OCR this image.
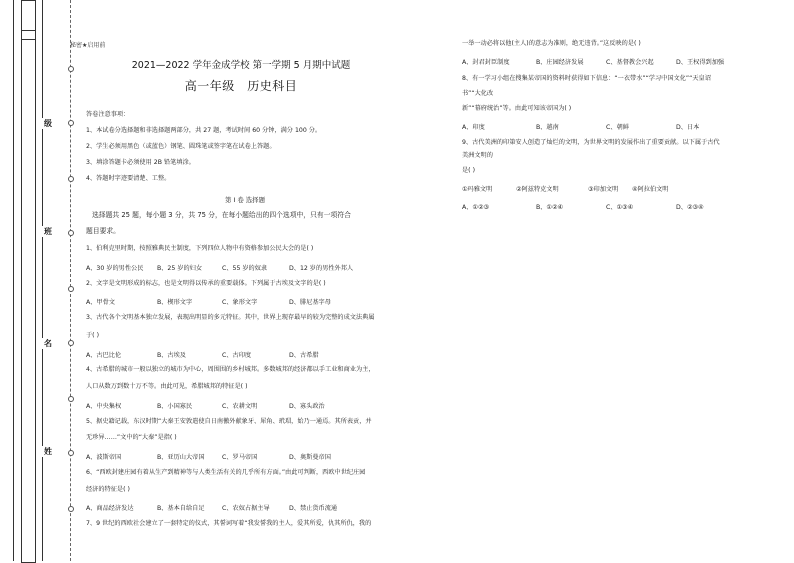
级
班
名
姓
秘密★启用前
2021—2022 学年金成学校 第一学期 5 月期中试题
高一年级　历史科目
答卷注意事项：
1、本试卷分选择题和非选择题两部分，共 27 题，考试时间 60 分钟，满分 100 分。
2、学生必须用黑色（或蓝色）钢笔、圆珠笔或签字笔在试卷上答题。
3、填涂答题卡必须使用 2B 铅笔填涂。
4、答题时字迹要清楚、工整。
第 Ⅰ 卷 选择题
选择题共 25 题，每小题 3 分，共 75 分，在每小题给出的四个选项中，只有一项符合
题目要求。
1、伯利克里时期，按照雅典民主制度，下列四位人物中有资格参加公民大会的是( )
A、30 岁的男性公民 B、25 岁的妇女	C、55 岁的奴隶	D、12 岁的男性外邦人
2、文字是文明形成的标志，也是文明得以传承的重要载体。下列属于古埃及文字的是( )
A、甲骨文	B、楔形文字	C、象形文字	D、腓尼基字母
3、古代各个文明基本独立发展，表现出明显的多元特征。其中，世界上现存最早的较为完整的成文法典属
于( )
A、古巴比伦	B、古埃及	C、古印度	D、古希腊
4、古希腊的城市一般以独立的城市为中心，周围围的乡村城邦。多数城邦的经济都以手工业和商业为主，
人口从数万到数十万不等。由此可见，希腊城邦的特征是( )
A、中央集权	B、小国寡民	C、农耕文明	D、寡头政治
5、据史籍记载，东汉时期“大秦王安敦遣使自日南徼外献象牙、犀角、玳瑁，始乃一通焉。其所表贡，并
无珍异……”文中的“大秦”是指( )
A、波斯帝国	B、亚历山大帝国	C、罗马帝国	D、奥斯曼帝国
6、“西欧封建庄园有着从生产到精神等与人类生活有关的几乎所有方面。”由此可判断，西欧中世纪庄园
经济的特征是( )
A、商品经济发达	B、基本自给自足	C、农奴占据主导	D、禁止货币流通
7、9 世纪的西欧社会建立了一套特定的仪式，其誓词写着“我发誓我的主人，爱其所爱，仇其所仇，我的
一举一动必将以他(主人)的意志为准则，绝无违背。”这反映的是( )
A、封君封臣制度	B、庄园经济发展	C、基督教会兴起	D、王权得到加强
8、有一学习小组在搜集某帝国的资料时获得如下信息：“一衣带水”“学习中国文化”“天皇诏
书”“大化改
新”“幕府统治”等。由此可知该帝国为( )
A、印度	B、越南	C、朝鲜	D、日本
9、古代美洲的印第安人创造了灿烂的文明，为世界文明的发展作出了重要贡献。以下属于古代
美洲文明的
是( )
①玛雅文明	②阿兹特克文明	③印加文明 ④阿拉伯文明
A、①②③	B、①②④	C、①③④	D、②③④
